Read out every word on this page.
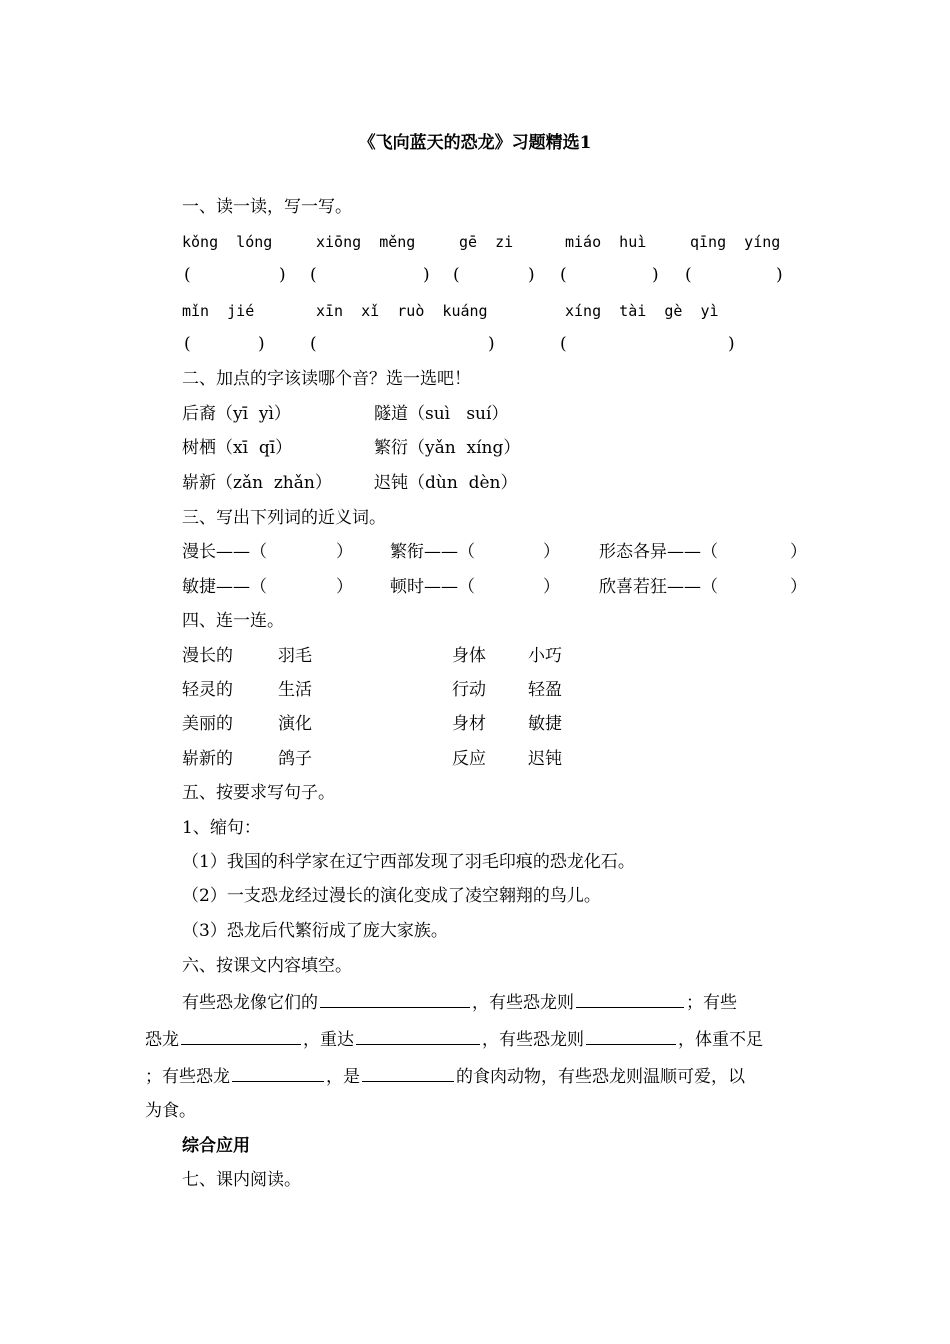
《飞向蓝天的恐龙》习题精选1
一、读一读，写一写。
kǒng  lóng	xiōng  měng	gē  zi	miáo  huì	qīng  yíng
(	) (	) (	) (	) (	)
mǐn  jié	xīn  xǐ  ruò  kuáng	xíng  tài  gè  yì
(	)	(	)	(	)
二、加点的字该读哪个音？选一选吧！
后裔（yī  yì）	隧道（suì   suí）
树栖（xī  qī）	繁衍（yǎn  xíng）
崭新（zǎn  zhǎn） 迟钝（dùn  dèn）
三、写出下列词的近义词。
漫长——（	） 繁衔——（	） 形态各异——（	）
敏捷——（	） 顿时——（	） 欣喜若狂——（	）
四、连一连。
漫长的	羽毛	身体 小巧
轻灵的	生活	行动 轻盈
美丽的	演化	身材 敏捷
崭新的	鸽子	反应 迟钝
五、按要求写句子。
1、缩句：
（1）我国的科学家在辽宁西部发现了羽毛印痕的恐龙化石。
（2）一支恐龙经过漫长的演化变成了凌空翱翔的鸟儿。
（3）恐龙后代繁衍成了庞大家族。
六、按课文内容填空。
有些恐龙像它们的	，有些恐龙则	；有些
恐龙	，重达	，有些恐龙则	，体重不足
；有些恐龙	，是	的食肉动物，有些恐龙则温顺可爱，以
为食。
综合应用
七、课内阅读。
